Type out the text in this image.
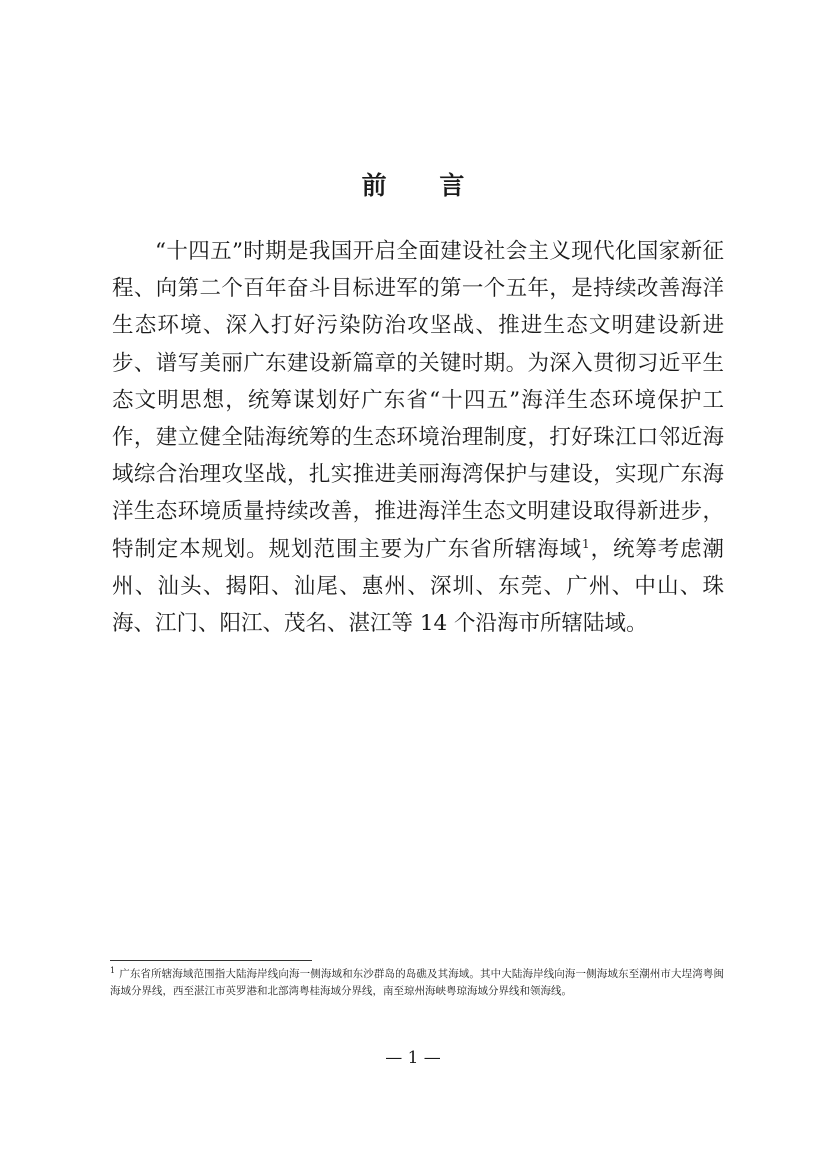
前 言

“十四五”时期是我国开启全面建设社会主义现代化国家新征程、向第二个百年奋斗目标进军的第一个五年，是持续改善海洋生态环境、深入打好污染防治攻坚战、推进生态文明建设新进步、谱写美丽广东建设新篇章的关键时期。为深入贯彻习近平生态文明思想，统筹谋划好广东省“十四五”海洋生态环境保护工作，建立健全陆海统筹的生态环境治理制度，打好珠江口邻近海域综合治理攻坚战，扎实推进美丽海湾保护与建设，实现广东海洋生态环境质量持续改善，推进海洋生态文明建设取得新进步，特制定本规划。规划范围主要为广东省所辖海域$^1$，统筹考虑潮州、汕头、揭阳、汕尾、惠州、深圳、东莞、广州、中山、珠海、江门、阳江、茂名、湛江等 14 个沿海市所辖陆域。

$^1$ 广东省所辖海域范围指大陆海岸线向海一侧海域和东沙群岛的岛礁及其海域。其中大陆海岸线向海一侧海域东至潮州市大埕湾粤闽海域分界线，西至湛江市英罗港和北部湾粤桂海域分界线，南至琼州海峡粤琼海域分界线和领海线。
— 1 —
